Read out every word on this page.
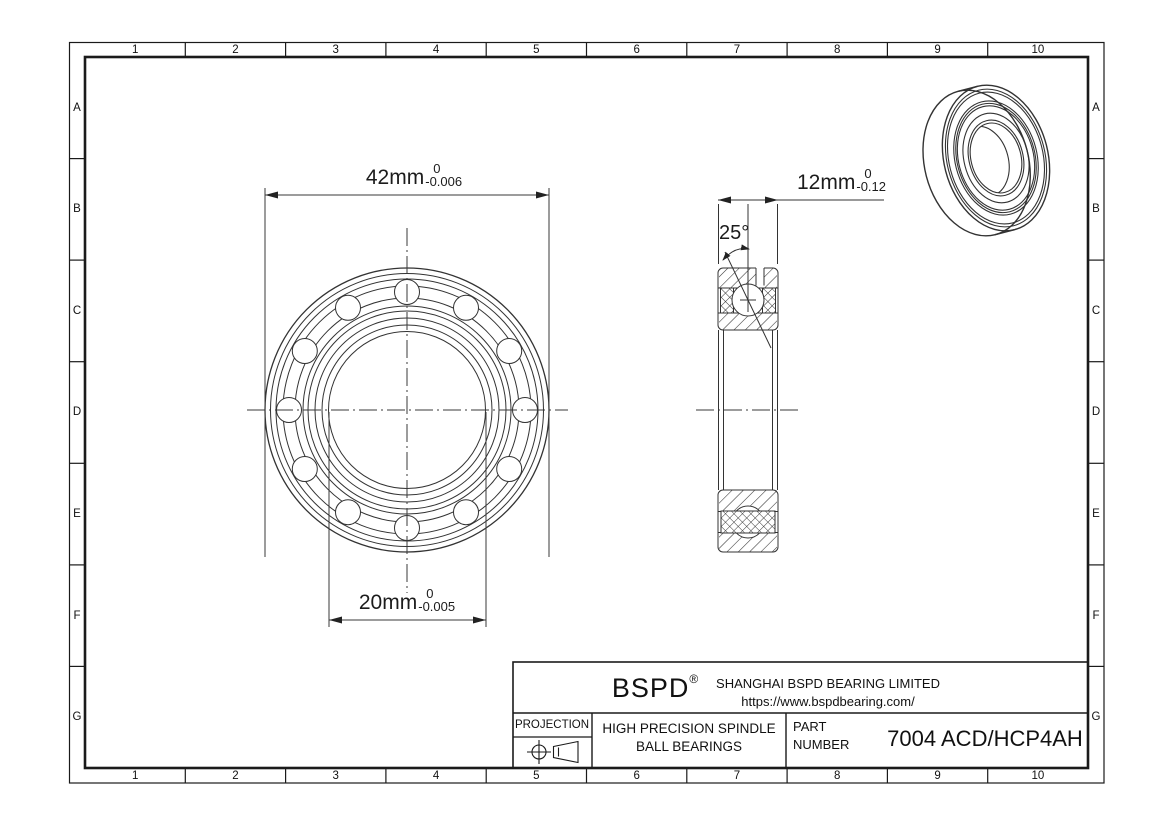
1	2	3	4	5	6	7	8	9	10
1	2	3	4	5	6	7	8	9	10
A
B
C
D
E
F
G
A
B
C
D
E
F
G
42mm 0
-0.006
20mm 0
-0.005
12mm 0
-0.12
25°
BSPD® SHANGHAI BSPD BEARING LIMITED
https://www.bspdbearing.com/
PROJECTION HIGH PRECISION SPINDLE
BALL BEARINGS
PART
NUMBER 7004 ACD/HCP4AH
